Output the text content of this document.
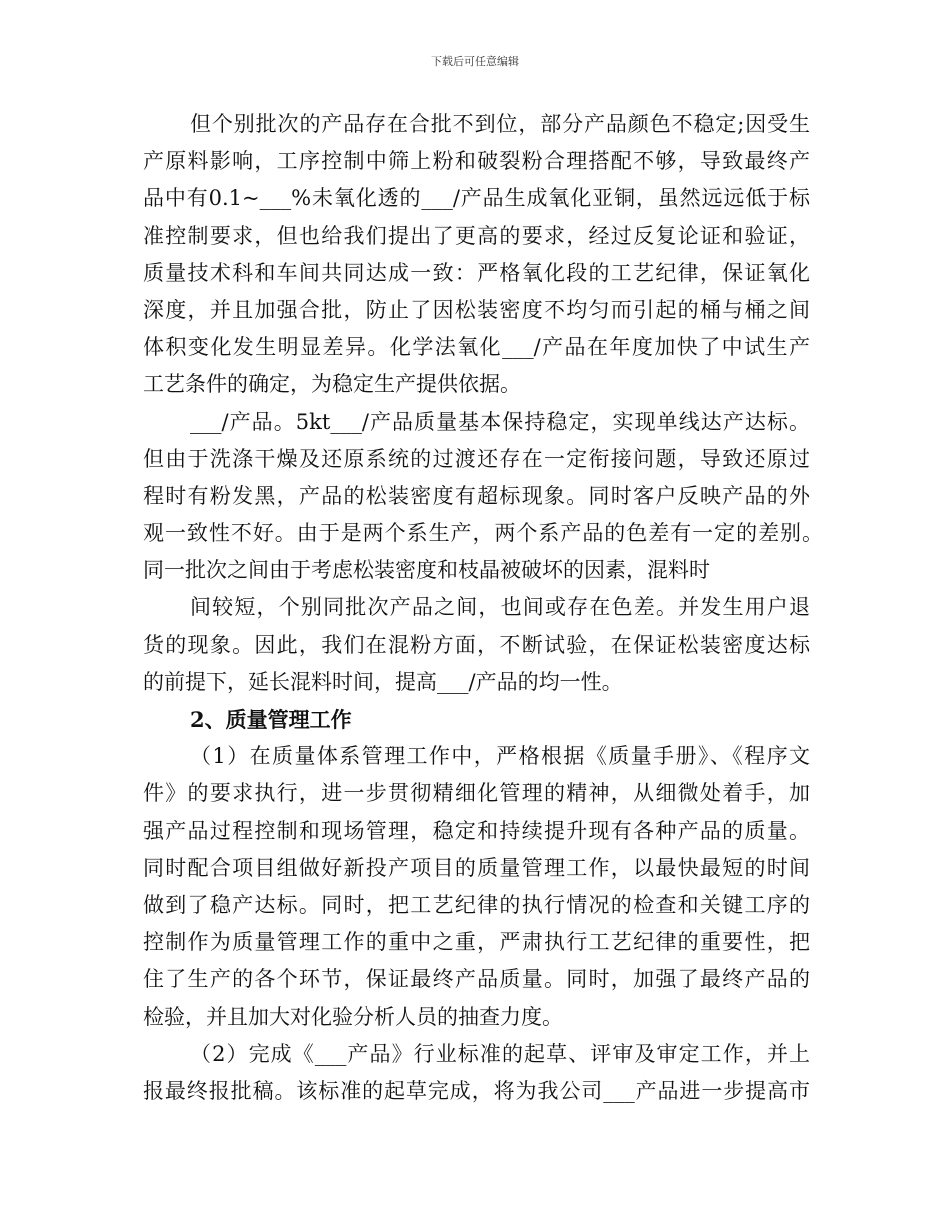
下载后可任意编辑
但个别批次的产品存在合批不到位，部分产品颜色不稳定;因受生
产原料影响，工序控制中筛上粉和破裂粉合理搭配不够，导致最终产
品中有0.1~___%未氧化透的___/产品生成氧化亚铜，虽然远远低于标
准控制要求，但也给我们提出了更高的要求，经过反复论证和验证，
质量技术科和车间共同达成一致：严格氧化段的工艺纪律，保证氧化
深度，并且加强合批，防止了因松装密度不均匀而引起的桶与桶之间
体积变化发生明显差异。化学法氧化___/产品在年度加快了中试生产
工艺条件的确定，为稳定生产提供依据。
___/产品。5kt___/产品质量基本保持稳定，实现单线达产达标。
但由于洗涤干燥及还原系统的过渡还存在一定衔接问题，导致还原过
程时有粉发黑，产品的松装密度有超标现象。同时客户反映产品的外
观一致性不好。由于是两个系生产，两个系产品的色差有一定的差别。
同一批次之间由于考虑松装密度和枝晶被破坏的因素，混料时
间较短，个别同批次产品之间，也间或存在色差。并发生用户退
货的现象。因此，我们在混粉方面，不断试验，在保证松装密度达标
的前提下，延长混料时间，提高___/产品的均一性。
2、质量管理工作
（1）在质量体系管理工作中，严格根据《质量手册》、《程序文
件》的要求执行，进一步贯彻精细化管理的精神，从细微处着手，加
强产品过程控制和现场管理，稳定和持续提升现有各种产品的质量。
同时配合项目组做好新投产项目的质量管理工作，以最快最短的时间
做到了稳产达标。同时，把工艺纪律的执行情况的检查和关键工序的
控制作为质量管理工作的重中之重，严肃执行工艺纪律的重要性，把
住了生产的各个环节，保证最终产品质量。同时，加强了最终产品的
检验，并且加大对化验分析人员的抽查力度。
（2）完成《___产品》行业标准的起草、评审及审定工作，并上
报最终报批稿。该标准的起草完成，将为我公司___产品进一步提高市
